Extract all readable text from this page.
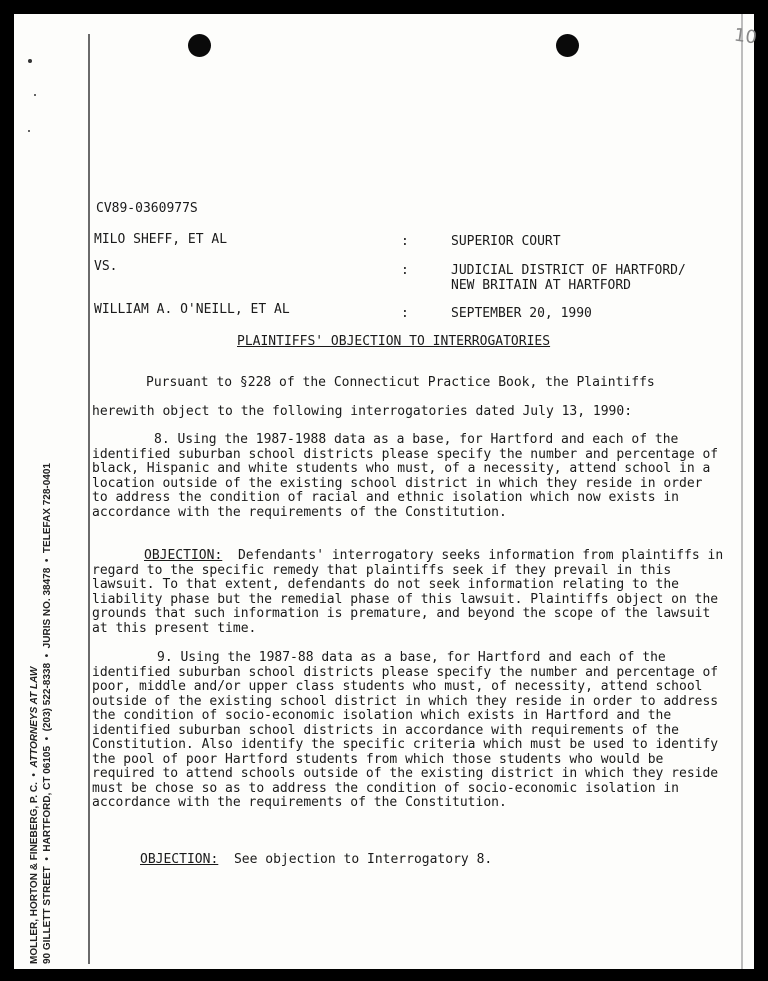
10
MOLLER, HORTON & FINEBERG, P. C.  •  ATTORNEYS AT LAW
90 GILLETT STREET  •  HARTFORD, CT 06105  •  (203) 522-8338  •  JURIS NO. 38478  •  TELEFAX 728-0401
CV89-0360977S
MILO SHEFF, ET AL	:	SUPERIOR COURT
VS.	:	JUDICIAL DISTRICT OF HARTFORD/
NEW BRITAIN AT HARTFORD
WILLIAM A. O'NEILL, ET AL	:	SEPTEMBER 20, 1990
PLAINTIFFS' OBJECTION TO INTERROGATORIES
Pursuant to §228 of the Connecticut Practice Book, the Plaintiffs
herewith object to the following interrogatories dated July 13, 1990:
8. Using the 1987-1988 data as a base, for Hartford and each of the identified suburban school districts please specify the number and percentage of black, Hispanic and white students who must, of a necessity, attend school in a location outside of the existing school district in which they reside in order to address the condition of racial and ethnic isolation which now exists in accordance with the requirements of the Constitution.
OBJECTION: Defendants' interrogatory seeks information from plaintiffs in regard to the specific remedy that plaintiffs seek if they prevail in this lawsuit. To that extent, defendants do not seek information relating to the liability phase but the remedial phase of this lawsuit. Plaintiffs object on the grounds that such information is premature, and beyond the scope of the lawsuit at this present time.
9. Using the 1987-88 data as a base, for Hartford and each of the identified suburban school districts please specify the number and percentage of poor, middle and/or upper class students who must, of necessity, attend school outside of the existing school district in which they reside in order to address the condition of socio-economic isolation which exists in Hartford and the identified suburban school districts in accordance with requirements of the Constitution. Also identify the specific criteria which must be used to identify the pool of poor Hartford students from which those students who would be required to attend schools outside of the existing district in which they reside must be chose so as to address the condition of socio-economic isolation in accordance with the requirements of the Constitution.
OBJECTION: See objection to Interrogatory 8.
